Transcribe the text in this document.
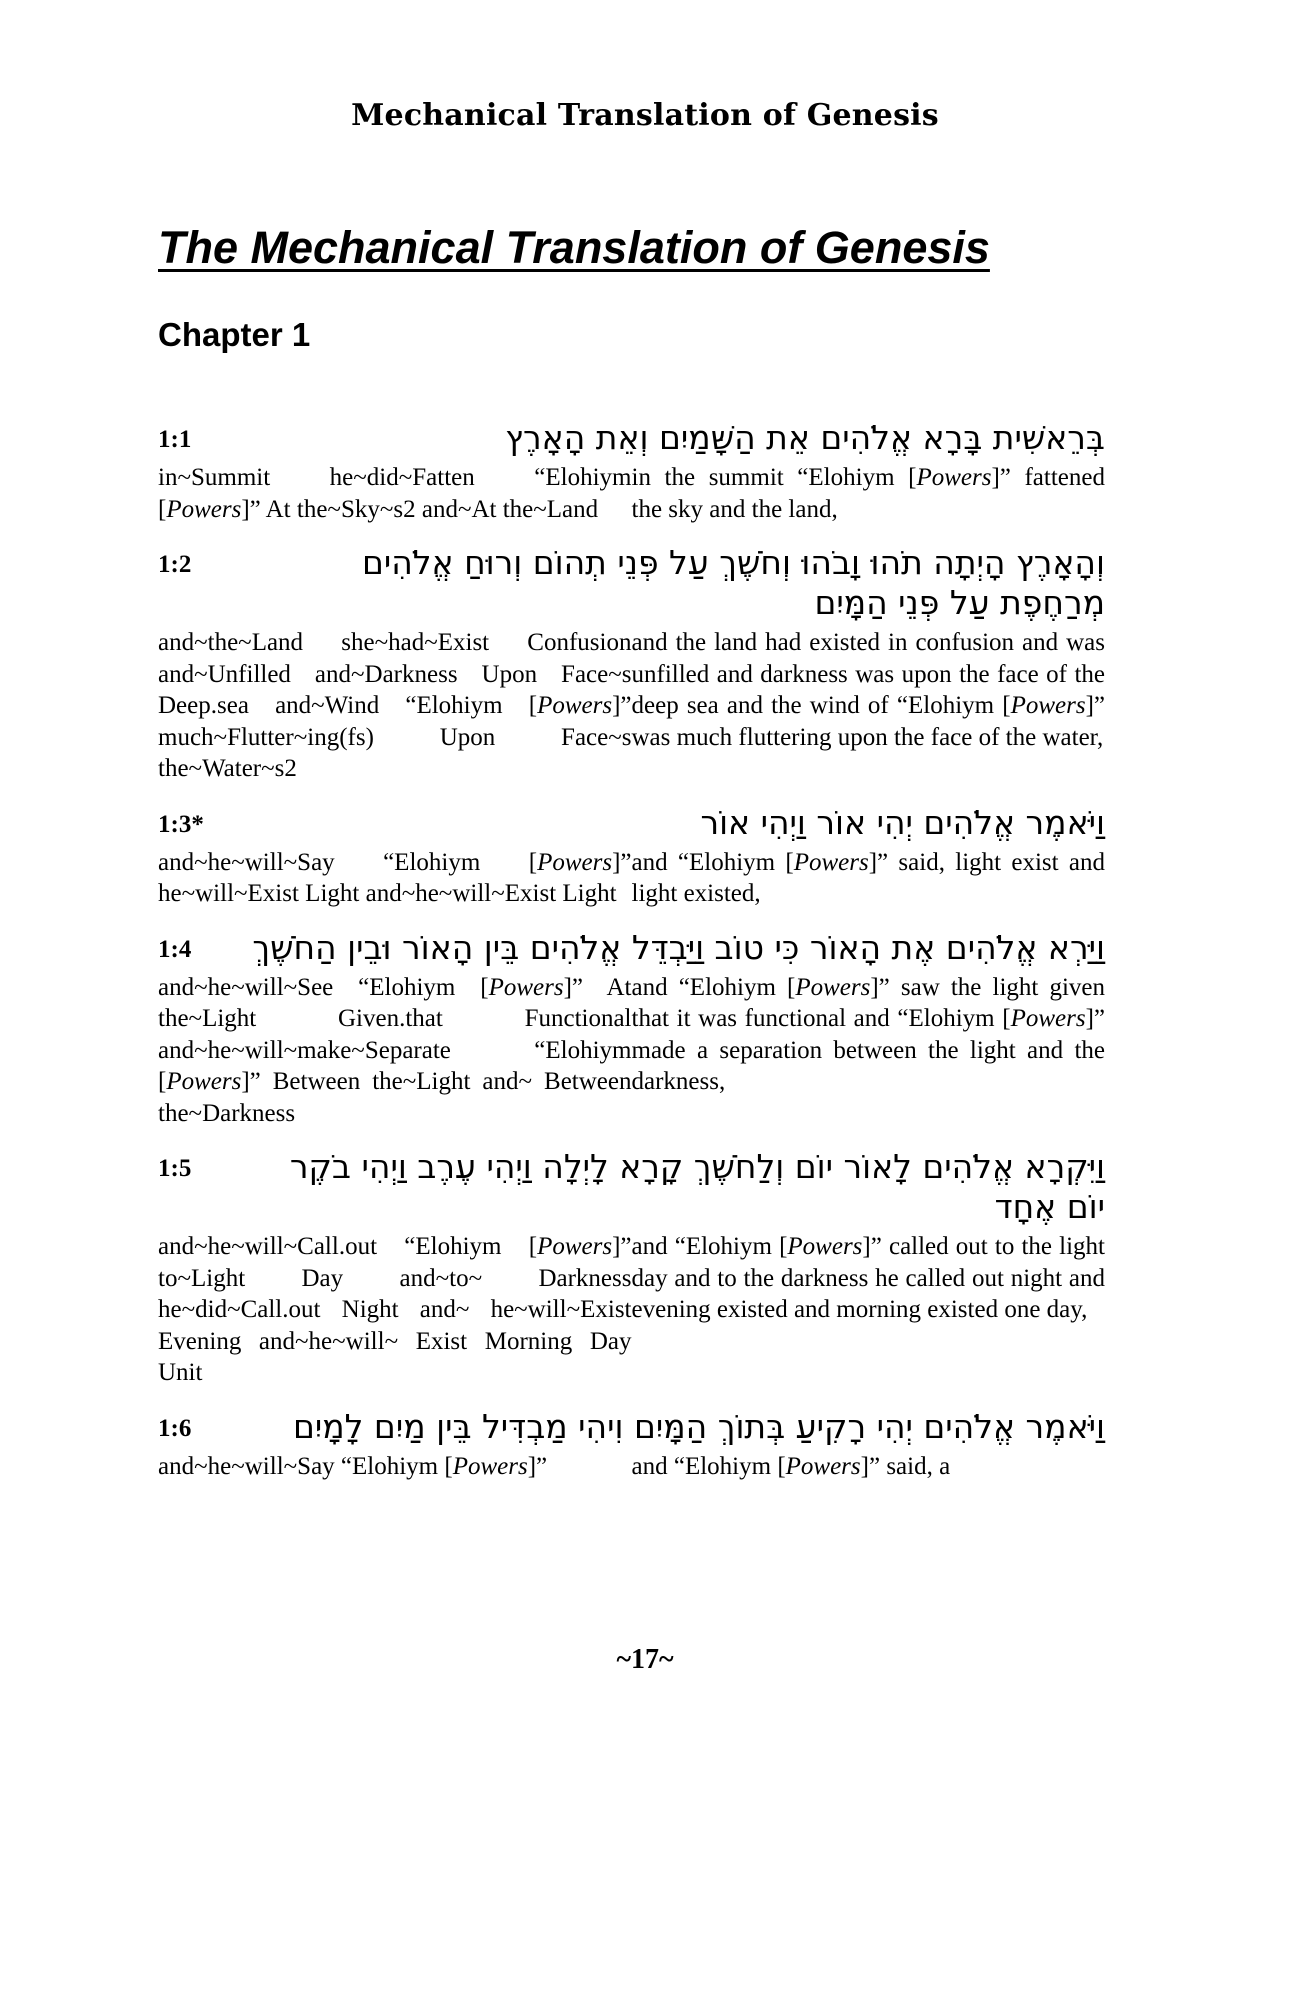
Mechanical Translation of Genesis
The Mechanical Translation of Genesis
Chapter 1
1:1	בְּרֵאשִׁית בָּרָא אֱלֹהִים אֵת הַשָּׁמַיִם וְאֵת הָאָרֶץ
in~Summit he~did~Fatten “Elohiym [Powers]” At the~Sky~s2 and~At the~Land
in the summit “Elohiym [Powers]” fattened the sky and the land,
1:2	וְהָאָרֶץ הָיְתָה תֹהוּ וָבֹהוּ וְחֹשֶׁךְ עַל פְּנֵי תְהוֹם וְרוּחַ אֱלֹהִים מְרַחֶפֶת עַל פְּנֵי הַמָּיִם
and~the~Land she~had~Exist Confusion and~Unfilled and~Darkness Upon Face~s Deep.sea and~Wind “Elohiym [Powers]” much~Flutter~ing(fs) Upon Face~s the~Water~s2
and the land had existed in confusion and was unfilled and darkness was upon the face of the deep sea and the wind of “Elohiym [Powers]” was much fluttering upon the face of the water,
1:3*	וַיֹּאמֶר אֱלֹהִים יְהִי אוֹר וַיְהִי אוֹר
and~he~will~Say “Elohiym [Powers]” he~will~Exist Light and~he~will~Exist Light
and “Elohiym [Powers]” said, light exist and light existed,
1:4	וַיַּרְא אֱלֹהִים אֶת הָאוֹר כִּי טוֹב וַיַּבְדֵּל אֱלֹהִים בֵּין הָאוֹר וּבֵין הַחֹשֶׁךְ
and~he~will~See “Elohiym [Powers]” At the~Light Given.that Functional and~he~will~make~Separate “Elohiym [Powers]” Between the~Light and~ Between the~Darkness
and “Elohiym [Powers]” saw the light given that it was functional and “Elohiym [Powers]” made a separation between the light and the darkness,
1:5	וַיִּקְרָא אֱלֹהִים לָאוֹר יוֹם וְלַחֹשֶׁךְ קָרָא לָיְלָה וַיְהִי עֶרֶב וַיְהִי בֹקֶר יוֹם אֶחָד
and~he~will~Call.out “Elohiym [Powers]” to~Light Day and~to~ Darkness he~did~Call.out Night and~ he~will~Exist Evening and~he~will~ Exist Morning Day Unit
and “Elohiym [Powers]” called out to the light day and to the darkness he called out night and evening existed and morning existed one day,
1:6	וַיֹּאמֶר אֱלֹהִים יְהִי רָקִיעַ בְּתוֹךְ הַמָּיִם וִיהִי מַבְדִּיל בֵּין מַיִם לָמָיִם
and~he~will~Say “Elohiym [Powers]”	and “Elohiym [Powers]” said, a
~17~
